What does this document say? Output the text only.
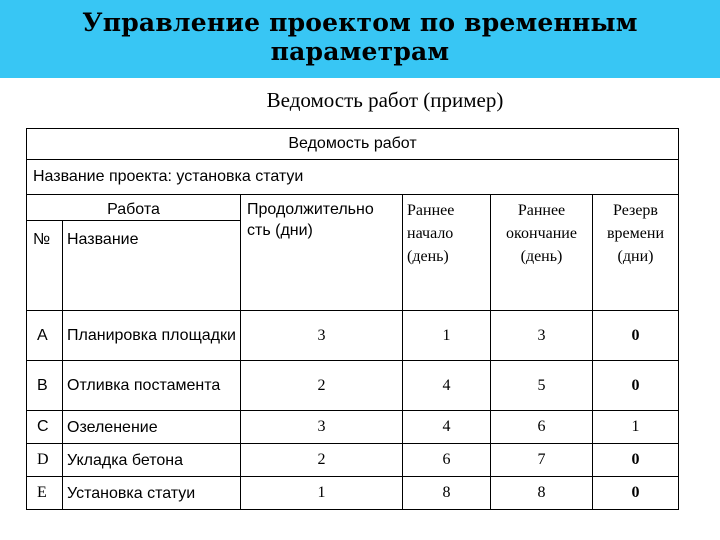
Управление проектом по временным параметрам
Ведомость работ (пример)
Ведомость работ					
Название проекта: установка статуи					
Работа		Продолжительно сть (дни)	Раннее начало (день)	Раннее окончание (день)	Резерв времени (дни)
№	Название				
A	Планировка площадки	3	1	3	0
B	Отливка постамента	2	4	5	0
C	Озеленение	3	4	6	1
D	Укладка бетона	2	6	7	0
E	Установка статуи	1	8	8	0
